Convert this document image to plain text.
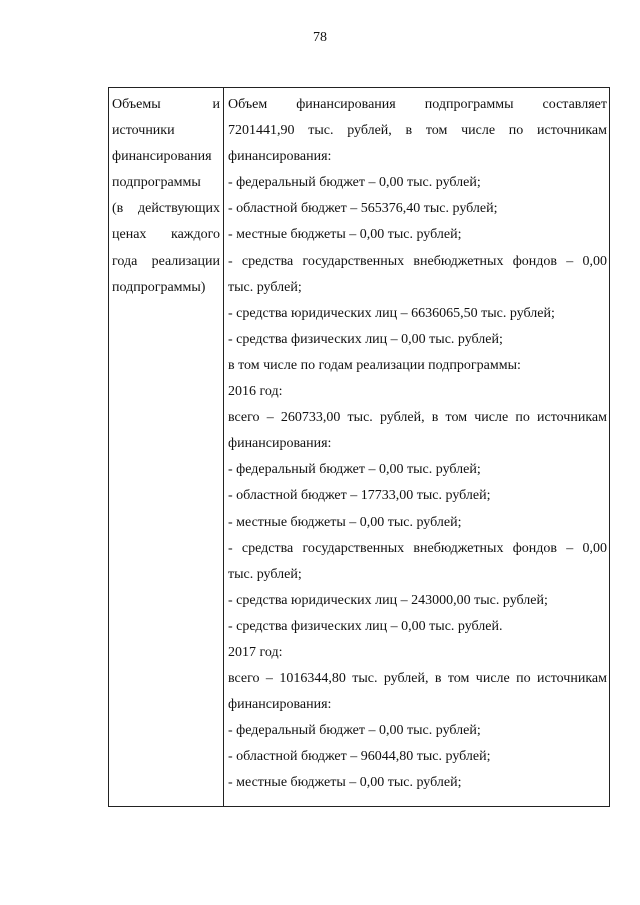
78
Объемы и
источники
финансирования
подпрограммы
(в действующих
ценах каждого
года реализации
подпрограммы)
Объем финансирования подпрограммы составляет
7201441,90 тыс. рублей, в том числе по источникам
финансирования:
- федеральный бюджет – 0,00 тыс. рублей;
- областной бюджет – 565376,40 тыс. рублей;
- местные бюджеты – 0,00 тыс. рублей;
- средства государственных внебюджетных фондов – 0,00
тыс. рублей;
- средства юридических лиц – 6636065,50 тыс. рублей;
- средства физических лиц – 0,00 тыс. рублей;
в том числе по годам реализации подпрограммы:
2016 год:
всего – 260733,00 тыс. рублей, в том числе по источникам
финансирования:
- федеральный бюджет – 0,00 тыс. рублей;
- областной бюджет – 17733,00 тыс. рублей;
- местные бюджеты – 0,00 тыс. рублей;
- средства государственных внебюджетных фондов – 0,00
тыс. рублей;
- средства юридических лиц – 243000,00 тыс. рублей;
- средства физических лиц – 0,00 тыс. рублей.
2017 год:
всего – 1016344,80 тыс. рублей, в том числе по источникам
финансирования:
- федеральный бюджет – 0,00 тыс. рублей;
- областной бюджет – 96044,80 тыс. рублей;
- местные бюджеты – 0,00 тыс. рублей;
